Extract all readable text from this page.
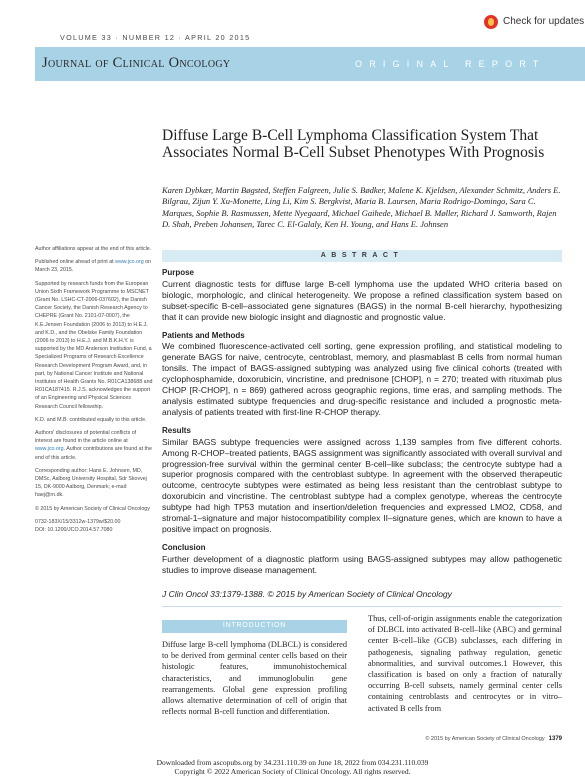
VOLUME 33 · NUMBER 12 · APRIL 20 2015
Check for updates
Journal of Clinical Oncology	ORIGINAL REPORT
Diffuse Large B-Cell Lymphoma Classification System That Associates Normal B-Cell Subset Phenotypes With Prognosis
Karen Dybkær, Martin Bøgsted, Steffen Falgreen, Julie S. Bødker, Malene K. Kjeldsen, Alexander Schmitz, Anders E. Bilgrau, Zijun Y. Xu-Monette, Ling Li, Kim S. Bergkvist, Maria B. Laursen, Maria Rodrigo-Domingo, Sara C. Marques, Sophie B. Rasmussen, Mette Nyegaard, Michael Gaihede, Michael B. Møller, Richard J. Samworth, Rajen D. Shah, Preben Johansen, Tarec C. El-Galaly, Ken H. Young, and Hans E. Johnsen
ABSTRACT
Purpose

Current diagnostic tests for diffuse large B-cell lymphoma use the updated WHO criteria based on biologic, morphologic, and clinical heterogeneity. We propose a refined classification system based on subset-specific B-cell–associated gene signatures (BAGS) in the normal B-cell hierarchy, hypothesizing that it can provide new biologic insight and diagnostic and prognostic value.

Patients and Methods

We combined fluorescence-activated cell sorting, gene expression profiling, and statistical modeling to generate BAGS for naive, centrocyte, centroblast, memory, and plasmablast B cells from normal human tonsils. The impact of BAGS-assigned subtyping was analyzed using five clinical cohorts (treated with cyclophosphamide, doxorubicin, vincristine, and prednisone [CHOP], n = 270; treated with rituximab plus CHOP [R-CHOP], n = 869) gathered across geographic regions, time eras, and sampling methods. The analysis estimated subtype frequencies and drug-specific resistance and included a prognostic meta-analysis of patients treated with first-line R-CHOP therapy.

Results

Similar BAGS subtype frequencies were assigned across 1,139 samples from five different cohorts. Among R-CHOP–treated patients, BAGS assignment was significantly associated with overall survival and progression-free survival within the germinal center B-cell–like subclass; the centrocyte subtype had a superior prognosis compared with the centroblast subtype. In agreement with the observed therapeutic outcome, centrocyte subtypes were estimated as being less resistant than the centroblast subtype to doxorubicin and vincristine. The centroblast subtype had a complex genotype, whereas the centrocyte subtype had high TP53 mutation and insertion/deletion frequencies and expressed LMO2, CD58, and stromal-1–signature and major histocompatibility complex II–signature genes, which are known to have a positive impact on prognosis.

Conclusion

Further development of a diagnostic platform using BAGS-assigned subtypes may allow pathogenetic studies to improve disease management.

J Clin Oncol 33:1379-1388. © 2015 by American Society of Clinical Oncology

Author affiliations appear at the end of this article.

Published online ahead of print at www.jco.org on March 23, 2015.

Supported by research funds from the European Union Sixth Framework Programme to MSCNET (Grant No. LSHC-CT-2006-037602), the Danish Cancer Society, the Danish Research Agency to CHEPRE (Grant No. 2101-07-0007), the K.E.Jensen Foundation (2006 to 2013) to H.E.J. and K.D., and the Obelske Family Foundation (2006 to 2013) to H.E.J. and M.B.K.H.Y. is supported by the MD Anderson Institution Fund, a Specialized Programs of Research Excellence Research Development Program Award, and, in part, by National Cancer Institute and National Institutes of Health Grants No. R01CA138688 and R01CA187415. R.J.S. acknowledges the support of an Engineering and Physical Sciences Research Council fellowship.

K.D. and M.B. contributed equally to this article.

Authors' disclosures of potential conflicts of interest are found in the article online at www.jco.org. Author contributions are found at the end of this article.

Corresponding author: Hans E. Johnsen, MD, DMSc, Aalborg University Hospital, Sdr Skovvej 15, DK-9000 Aalborg, Denmark; e-mail: haej@rn.dk.

© 2015 by American Society of Clinical Oncology

0732-183X/15/3312w-1379w/$20.00

DOI: 10.1200/JCO.2014.57.7080

INTRODUCTION
Diffuse large B-cell lymphoma (DLBCL) is considered to be derived from germinal center cells based on their histologic features, immunohistochemical characteristics, and immunoglobulin gene rearrangements. Global gene expression profiling allows alternative determination of cell of origin that reflects normal B-cell function and differentiation.
Thus, cell-of-origin assignments enable the categorization of DLBCL into activated B-cell–like (ABC) and germinal center B-cell–like (GCB) subclasses, each differing in pathogenesis, signaling pathway regulation, genetic abnormalities, and survival outcomes.1 However, this classification is based on only a fraction of naturally occurring B-cell subsets, namely germinal center cells containing centroblasts and centrocytes or in vitro–activated B cells from
© 2015 by American Society of Clinical Oncology 1379
Downloaded from ascopubs.org by 34.231.110.39 on June 18, 2022 from 034.231.110.039
Copyright © 2022 American Society of Clinical Oncology. All rights reserved.
